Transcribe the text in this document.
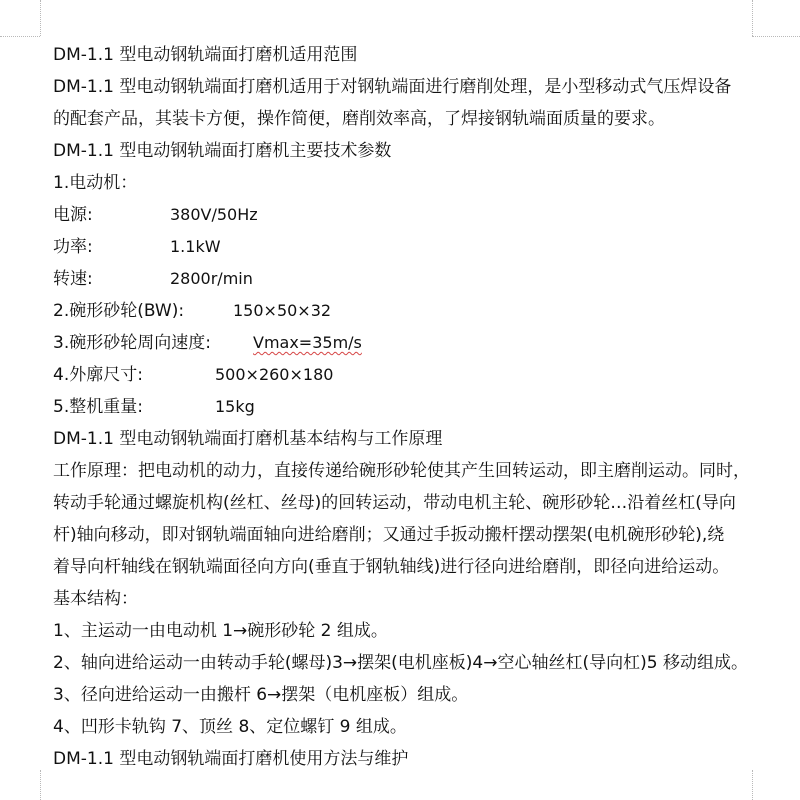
DM-1.1 型电动钢轨端面打磨机适用范围
DM-1.1 型电动钢轨端面打磨机适用于对钢轨端面进行磨削处理，是小型移动式气压焊设备
的配套产品，其装卡方便，操作简便，磨削效率高，了焊接钢轨端面质量的要求。
DM-1.1 型电动钢轨端面打磨机主要技术参数
1.电动机：
电源:	380V/50Hz
功率:	1.1kW
转速:	2800r/min
2.碗形砂轮(BW):	150×50×32
3.碗形砂轮周向速度:	Vmax=35m/s
4.外廓尺寸:	500×260×180
5.整机重量:	15kg
DM-1.1 型电动钢轨端面打磨机基本结构与工作原理
工作原理：把电动机的动力，直接传递给碗形砂轮使其产生回转运动，即主磨削运动。同时，
转动手轮通过螺旋机构(丝杠、丝母)的回转运动，带动电机主轮、碗形砂轮…沿着丝杠(导向
杆)轴向移动，即对钢轨端面轴向进给磨削；又通过手扳动搬杆摆动摆架(电机碗形砂轮),绕
着导向杆轴线在钢轨端面径向方向(垂直于钢轨轴线)进行径向进给磨削，即径向进给运动。
基本结构：
1、主运动一由电动机 1→碗形砂轮 2 组成。
2、轴向进给运动一由转动手轮(螺母)3→摆架(电机座板)4→空心轴丝杠(导向杠)5 移动组成。
3、径向进给运动一由搬杆 6→摆架（电机座板）组成。
4、凹形卡轨钩 7、顶丝 8、定位螺钉 9 组成。
DM-1.1 型电动钢轨端面打磨机使用方法与维护
